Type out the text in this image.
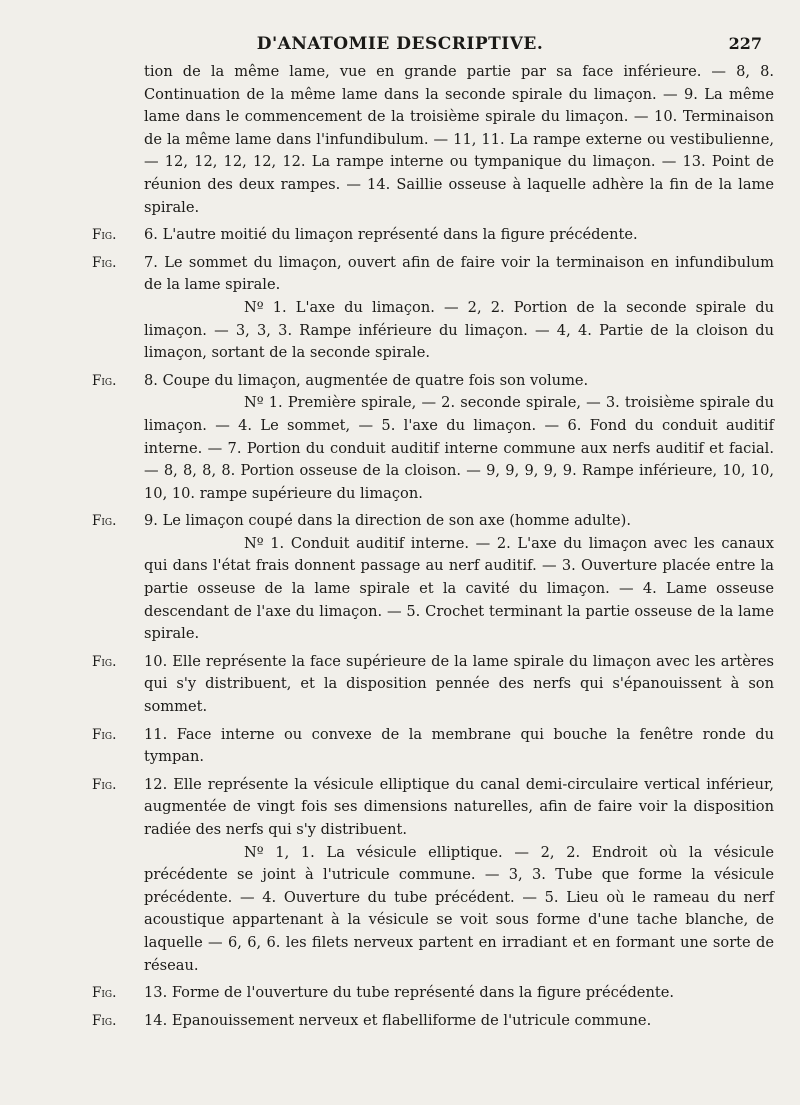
D'ANATOMIE DESCRIPTIVE.	227

tion de la même lame, vue en grande partie par sa face inférieure. — 8, 8. Continuation de la même lame dans la seconde spirale du limaçon. — 9. La même lame dans le commencement de la troisième spirale du limaçon. — 10. Terminaison de la même lame dans l'infundibulum. — 11, 11. La rampe externe ou vestibulienne, — 12, 12, 12, 12, 12. La rampe interne ou tympanique du limaçon. — 13. Point de réunion des deux rampes. — 14. Saillie osseuse à laquelle adhère la fin de la lame spirale.

Fig. 6. L'autre moitié du limaçon représenté dans la figure précédente.

Fig. 7. Le sommet du limaçon, ouvert afin de faire voir la terminaison en infundibulum de la lame spirale.

Nº 1. L'axe du limaçon. — 2, 2. Portion de la seconde spirale du limaçon. — 3, 3, 3. Rampe inférieure du limaçon. — 4, 4. Partie de la cloison du limaçon, sortant de la seconde spirale.

Fig. 8. Coupe du limaçon, augmentée de quatre fois son volume.

Nº 1. Première spirale, — 2. seconde spirale, — 3. troisième spirale du limaçon. — 4. Le sommet, — 5. l'axe du limaçon. — 6. Fond du conduit auditif interne. — 7. Portion du conduit auditif interne commune aux nerfs auditif et facial. — 8, 8, 8, 8. Portion osseuse de la cloison. — 9, 9, 9, 9, 9. Rampe inférieure, 10, 10, 10, 10. rampe supérieure du limaçon.

Fig. 9. Le limaçon coupé dans la direction de son axe (homme adulte).

Nº 1. Conduit auditif interne. — 2. L'axe du limaçon avec les canaux qui dans l'état frais donnent passage au nerf auditif. — 3. Ouverture placée entre la partie osseuse de la lame spirale et la cavité du limaçon. — 4. Lame osseuse descendant de l'axe du limaçon. — 5. Crochet terminant la partie osseuse de la lame spirale.

Fig. 10. Elle représente la face supérieure de la lame spirale du limaçon avec les artères qui s'y distribuent, et la disposition pennée des nerfs qui s'épanouissent à son sommet.

Fig. 11. Face interne ou convexe de la membrane qui bouche la fenêtre ronde du tympan.

Fig. 12. Elle représente la vésicule elliptique du canal demi-circulaire vertical inférieur, augmentée de vingt fois ses dimensions naturelles, afin de faire voir la disposition radiée des nerfs qui s'y distribuent.

Nº 1, 1. La vésicule elliptique. — 2, 2. Endroit où la vésicule précédente se joint à l'utricule commune. — 3, 3. Tube que forme la vésicule précédente. — 4. Ouverture du tube précédent. — 5. Lieu où le rameau du nerf acoustique appartenant à la vésicule se voit sous forme d'une tache blanche, de laquelle — 6, 6, 6. les filets nerveux partent en irradiant et en formant une sorte de réseau.

Fig. 13. Forme de l'ouverture du tube représenté dans la figure précédente.

Fig. 14. Epanouissement nerveux et flabelliforme de l'utricule commune.
